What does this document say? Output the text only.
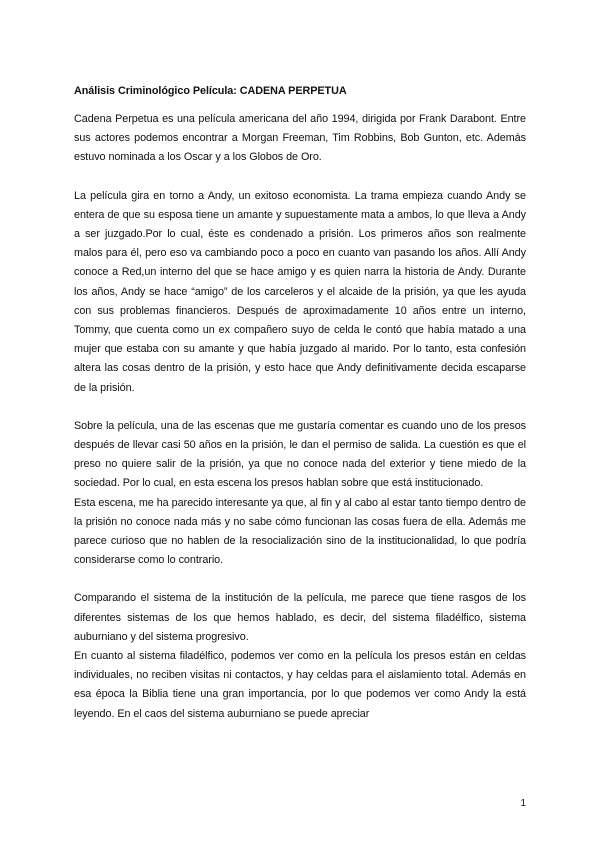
Análisis Criminológico Película: CADENA PERPETUA

Cadena Perpetua es una película americana del año 1994, dirigida por Frank Darabont. Entre sus actores podemos encontrar a Morgan Freeman, Tim Robbins, Bob Gunton, etc. Además estuvo nominada a los Oscar y a los Globos de Oro.

La película gira en torno a Andy, un exitoso economista. La trama empieza cuando Andy se entera de que su esposa tiene un amante y supuestamente mata a ambos, lo que lleva a Andy a ser juzgado.Por lo cual, éste es condenado a prisión. Los primeros años son realmente malos para él, pero eso va cambiando poco a poco en cuanto van pasando los años. Allí Andy conoce a Red,un interno del que se hace amigo y es quien narra la historia de Andy. Durante los años, Andy se hace “amigo” de los carceleros y el alcaide de la prisión, ya que les ayuda con sus problemas financieros. Después de aproximadamente 10 años entre un interno, Tommy, que cuenta como un ex compañero suyo de celda le contó que había matado a una mujer que estaba con su amante y que había juzgado al marido. Por lo tanto, esta confesión altera las cosas dentro de la prisión, y esto hace que Andy definitivamente decida escaparse de la prisión.

Sobre la película, una de las escenas que me gustaría comentar es cuando uno de los presos después de llevar casi 50 años en la prisión, le dan el permiso de salida. La cuestión es que el preso no quiere salir de la prisión, ya que no conoce nada del exterior y tiene miedo de la sociedad. Por lo cual, en esta escena los presos hablan sobre que está institucionado.

Esta escena, me ha parecido interesante ya que, al fin y al cabo al estar tanto tiempo dentro de la prisión no conoce nada más y no sabe cómo funcionan las cosas fuera de ella. Además me parece curioso que no hablen de la resocialización sino de la institucionalidad, lo que podría considerarse como lo contrario.

Comparando el sistema de la institución de la película, me parece que tiene rasgos de los diferentes sistemas de los que hemos hablado, es decir, del sistema filadélfico, sistema auburniano y del sistema progresivo.

En cuanto al sistema filadélfico, podemos ver como en la película los presos están en celdas individuales, no reciben visitas ni contactos, y hay celdas para el aislamiento total. Además en esa época la Biblia tiene una gran importancia, por lo que podemos ver como Andy la está leyendo. En el caos del sistema auburniano se puede apreciar

1
